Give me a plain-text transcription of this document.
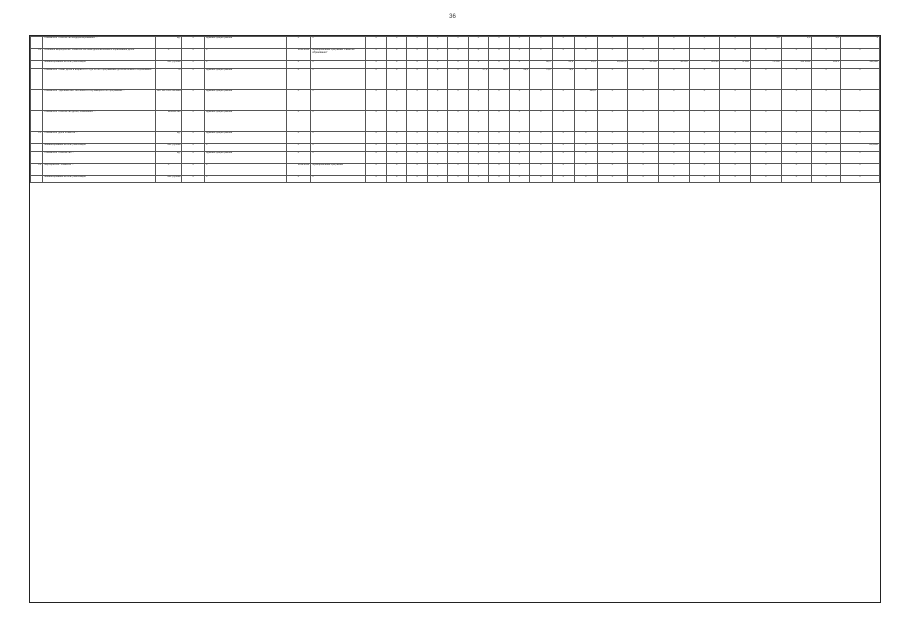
36
	Показатель "Количество модернизированных ..."	ед.	X	Администрация района	X	X	X	X	X	X	X	X	X	X	X	X	X	X	X	X	X	X	4,0	4,0	4,0	4
3.4	Основное мероприятие "Развитие системы дополнительного образования детей"	X	X	X	2014-2026	Муниципальная программа "Развитие образования"	X	X	X	X	X	X	X	X	X	X	X	X	X	X	X	X	X	X	X	X
	Финансирование на этап реализации	тыс. рублей	X	X	X	X	X	X	X	X	X	X	X	X	69,3	65,9	15,4	45,643,8	48 860	50 805	50 296	74 900	75 000	152 2024	199 4	198,688
	Показатель "Охват детей в возрасте от 5 до 18 лет программами дополнительного образования"	%	X	Администрация района	X	X	X	X	X	X	X	57,0	68,0	69,0	75,0	79,0	X	X	X	X	X	X	X	X	X	X
	Показатель "Удельный вес численности обучающихся по программам ..."	чел. на 1 000 человек	X	Администрация района	X	X	X	X	X	X	X	X	X	X	X	X	129,9	X	X	X	X	X	X	X	X	X
	Показатель "Количество детей, охваченных ..."	количество	X	Администрация района	X	X	X	X	X	X	X	X	X	X	X	X	X	X	X	X	X	X	X	X	X	X
3.5	Показатель "Доля объектов ..."	ед.	X	Администрация района	X	X	X	X	X	X	X	X	X	X	X	X	X	X	X	X	X	X	X	X	X	X
	Финансирование на этап реализации	тыс. рублей	X	X	X	X	X	X	X	X	X	X	X	X	X	X	X	X	X	X	X	X	X	X	X	85,0000
	Показатель "Количество ..."	ед.	X	Администрация района	X	X	X	X	X	X	X	X	X	X	X	X	X	X	X	X	X	X	X	X	X	X
3.6	Мероприятие "Развитие ..."	X	X	X	2019-2026	Муниципальная программа	X	X	X	X	X	X	X	X	X	X	X	X	X	X	X	X	X	X	X	X
	Финансирование на этап реализации	тыс. рублей	X	X	X	X	X	X	X	X	X	X	X	X	X	X	X	X	X	X	X	X	X	X	X	X
